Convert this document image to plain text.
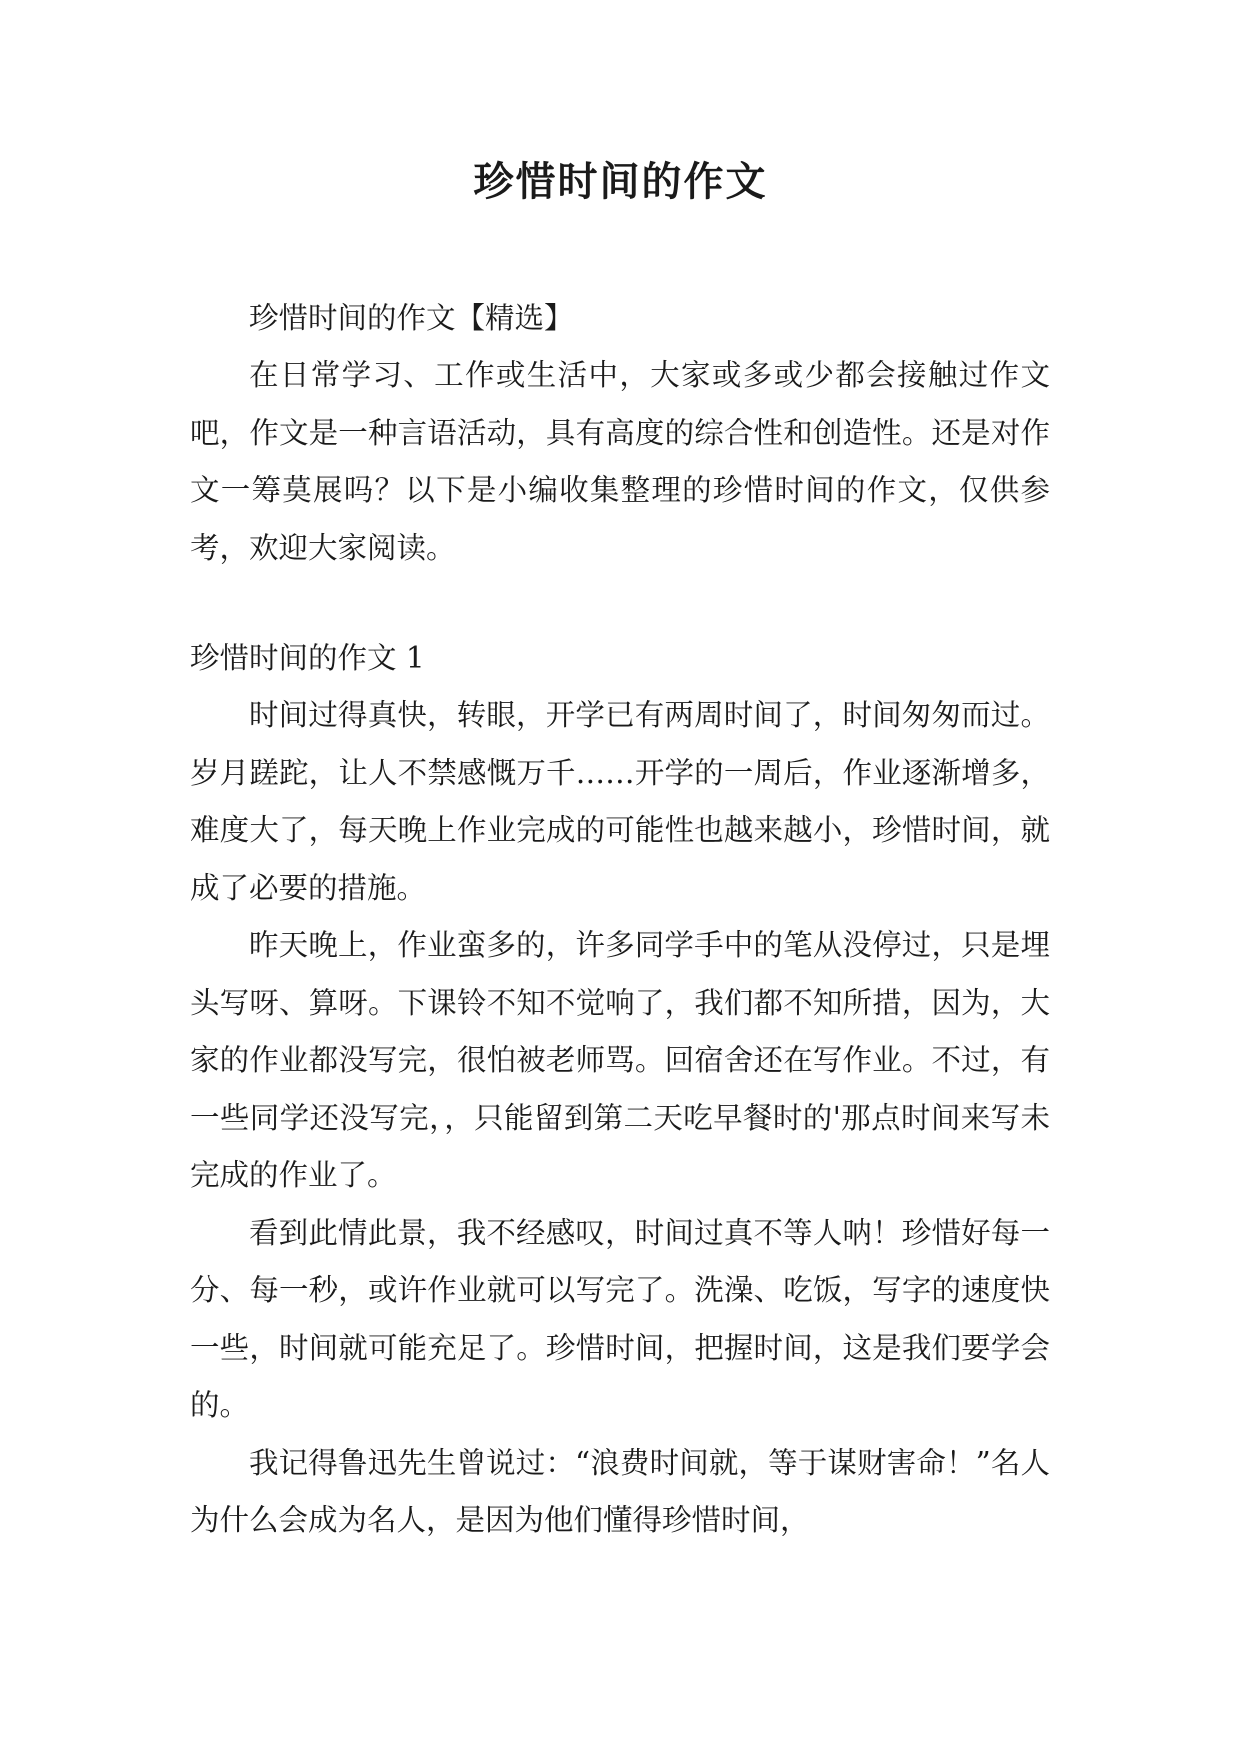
珍惜时间的作文

珍惜时间的作文【精选】

在日常学习、工作或生活中，大家或多或少都会接触过作文吧，作文是一种言语活动，具有高度的综合性和创造性。还是对作文一筹莫展吗？以下是小编收集整理的珍惜时间的作文，仅供参考，欢迎大家阅读。

珍惜时间的作文 1

时间过得真快，转眼，开学已有两周时间了，时间匆匆而过。岁月蹉跎，让人不禁感慨万千……开学的一周后，作业逐渐增多，难度大了，每天晚上作业完成的可能性也越来越小，珍惜时间，就成了必要的措施。

昨天晚上，作业蛮多的，许多同学手中的笔从没停过，只是埋头写呀、算呀。下课铃不知不觉响了，我们都不知所措，因为，大家的作业都没写完，很怕被老师骂。回宿舍还在写作业。不过，有一些同学还没写完，，只能留到第二天吃早餐时的'那点时间来写未完成的作业了。

看到此情此景，我不经感叹，时间过真不等人呐！珍惜好每一分、每一秒，或许作业就可以写完了。洗澡、吃饭，写字的速度快一些，时间就可能充足了。珍惜时间，把握时间，这是我们要学会的。

我记得鲁迅先生曾说过：“浪费时间就，等于谋财害命！”名人为什么会成为名人，是因为他们懂得珍惜时间，
